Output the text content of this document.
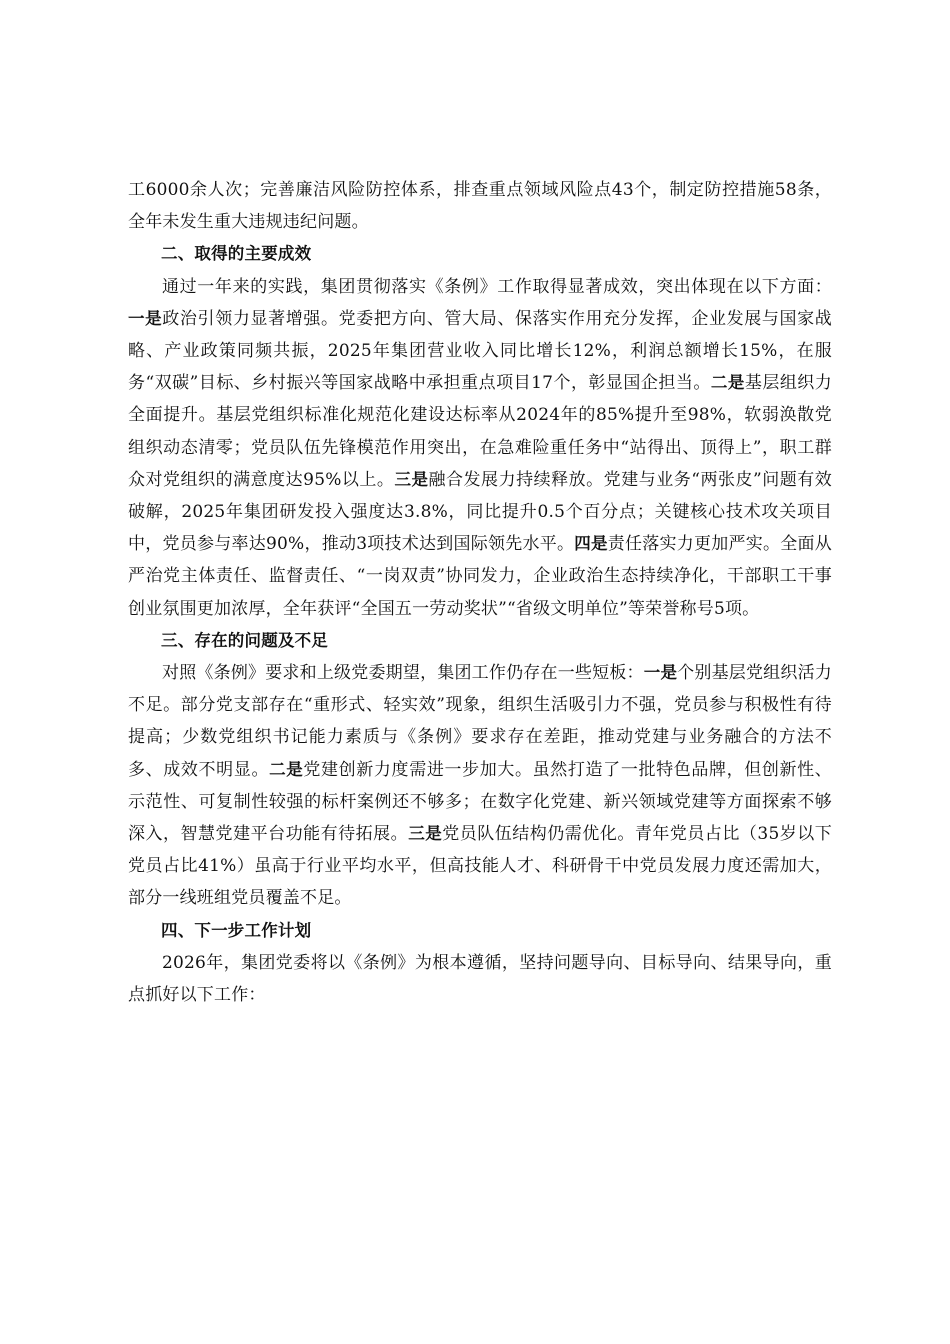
工6000余人次；完善廉洁风险防控体系，排查重点领域风险点43个，制定防控措施58条，全年未发生重大违规违纪问题。

二、取得的主要成效

通过一年来的实践，集团贯彻落实《条例》工作取得显著成效，突出体现在以下方面：一是政治引领力显著增强。党委把方向、管大局、保落实作用充分发挥，企业发展与国家战略、产业政策同频共振，2025年集团营业收入同比增长12%，利润总额增长15%，在服务“双碳”目标、乡村振兴等国家战略中承担重点项目17个，彰显国企担当。二是基层组织力全面提升。基层党组织标准化规范化建设达标率从2024年的85%提升至98%，软弱涣散党组织动态清零；党员队伍先锋模范作用突出，在急难险重任务中“站得出、顶得上”，职工群众对党组织的满意度达95%以上。三是融合发展力持续释放。党建与业务“两张皮”问题有效破解，2025年集团研发投入强度达3.8%，同比提升0.5个百分点；关键核心技术攻关项目中，党员参与率达90%，推动3项技术达到国际领先水平。四是责任落实力更加严实。全面从严治党主体责任、监督责任、“一岗双责”协同发力，企业政治生态持续净化，干部职工干事创业氛围更加浓厚，全年获评“全国五一劳动奖状”“省级文明单位”等荣誉称号5项。

三、存在的问题及不足

对照《条例》要求和上级党委期望，集团工作仍存在一些短板：一是个别基层党组织活力不足。部分党支部存在“重形式、轻实效”现象，组织生活吸引力不强，党员参与积极性有待提高；少数党组织书记能力素质与《条例》要求存在差距，推动党建与业务融合的方法不多、成效不明显。二是党建创新力度需进一步加大。虽然打造了一批特色品牌，但创新性、示范性、可复制性较强的标杆案例还不够多；在数字化党建、新兴领域党建等方面探索不够深入，智慧党建平台功能有待拓展。三是党员队伍结构仍需优化。青年党员占比（35岁以下党员占比41%）虽高于行业平均水平，但高技能人才、科研骨干中党员发展力度还需加大，部分一线班组党员覆盖不足。

四、下一步工作计划

2026年，集团党委将以《条例》为根本遵循，坚持问题导向、目标导向、结果导向，重点抓好以下工作：
